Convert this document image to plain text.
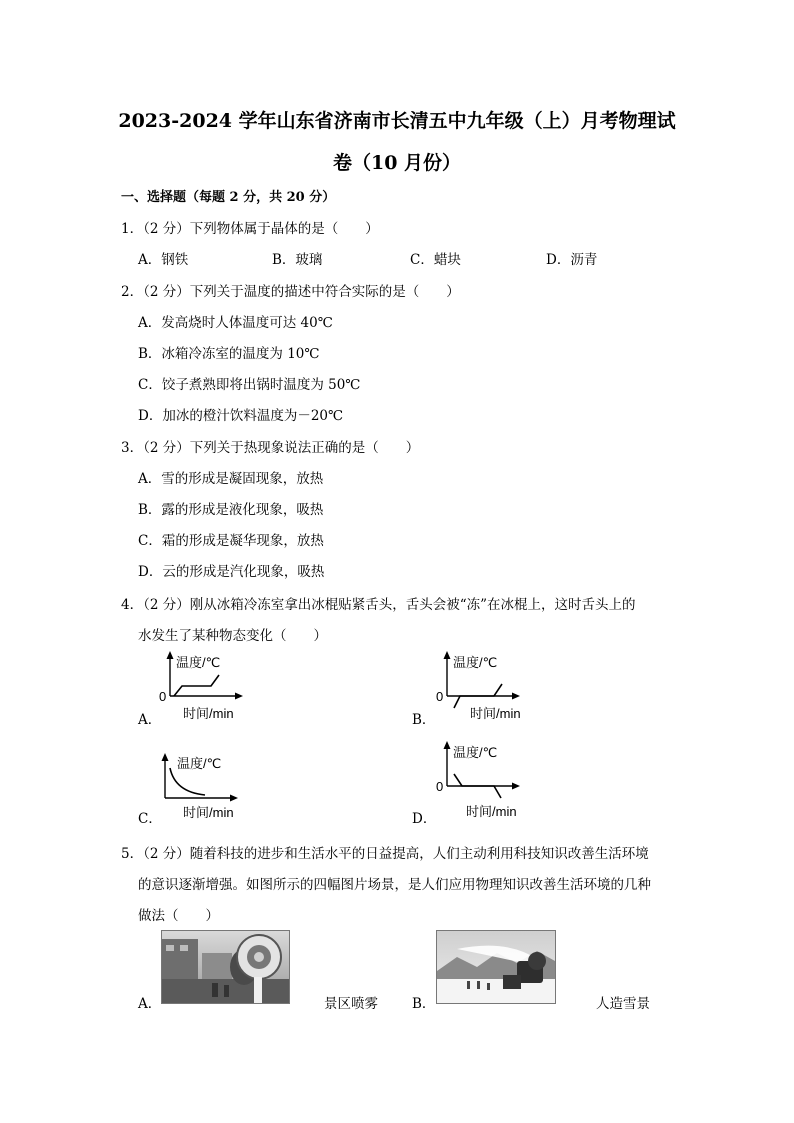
2023-2024 学年山东省济南市长清五中九年级（上）月考物理试
卷（10 月份）
一、选择题（每题 2 分，共 20 分）
1．（2 分）下列物体属于晶体的是（　　）
A．钢铁	B．玻璃	C．蜡块	D．沥青
2．（2 分）下列关于温度的描述中符合实际的是（　　）
A．发高烧时人体温度可达 40℃
B．冰箱冷冻室的温度为 10℃
C．饺子煮熟即将出锅时温度为 50℃
D．加冰的橙汁饮料温度为－20℃
3．（2 分）下列关于热现象说法正确的是（　　）
A．雪的形成是凝固现象，放热
B．露的形成是液化现象，吸热
C．霜的形成是凝华现象，放热
D．云的形成是汽化现象，吸热
4．（2 分）刚从冰箱冷冻室拿出冰棍贴紧舌头，舌头会被“冻”在冰棍上，这时舌头上的
水发生了某种物态变化（　　）
A．
温度/℃
0
时间/min	B．
温度/℃
0
时间/min
C．
温度/℃
时间/min	D．
温度/℃
0
时间/min
5．（2 分）随着科技的进步和生活水平的日益提高，人们主动利用科技知识改善生活环境
的意识逐渐增强。如图所示的四幅图片场景，是人们应用物理知识改善生活环境的几种
做法（　　）
A．	景区喷雾	B．	人造雪景
